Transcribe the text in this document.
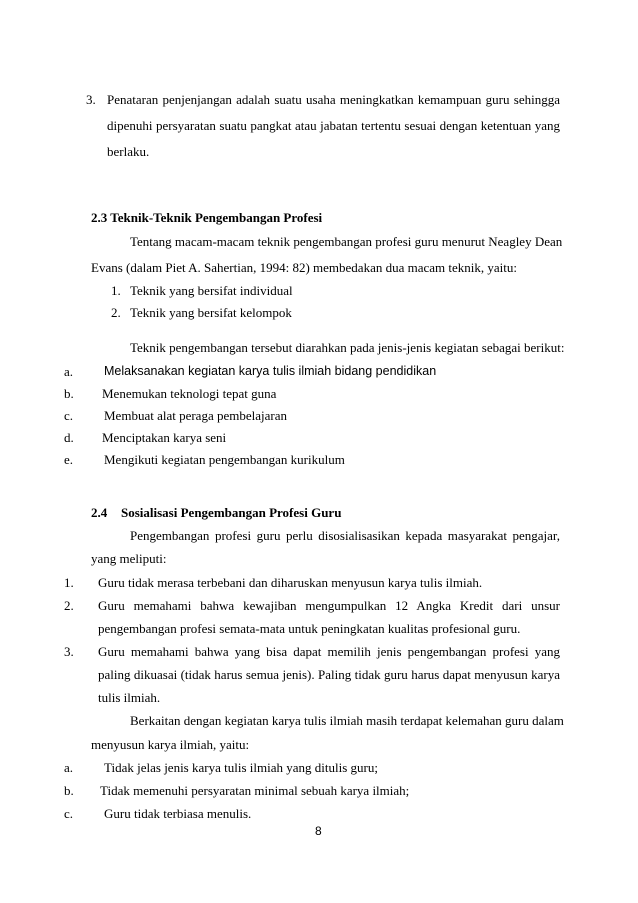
3. Penataran penjenjangan adalah suatu usaha meningkatkan kemampuan guru sehingga
dipenuhi persyaratan suatu pangkat atau jabatan tertentu sesuai dengan ketentuan yang
berlaku.
2.3 Teknik-Teknik Pengembangan Profesi
Tentang macam-macam teknik pengembangan profesi guru menurut Neagley Dean
Evans (dalam Piet A. Sahertian, 1994: 82) membedakan dua macam teknik, yaitu:
1. Teknik yang bersifat individual
2. Teknik yang bersifat kelompok
Teknik pengembangan tersebut diarahkan pada jenis-jenis kegiatan sebagai berikut:
a. Melaksanakan kegiatan karya tulis ilmiah bidang pendidikan
b. Menemukan teknologi tepat guna
c. Membuat alat peraga pembelajaran
d. Menciptakan karya seni
e. Mengikuti kegiatan pengembangan kurikulum
2.4 Sosialisasi Pengembangan Profesi Guru
Pengembangan profesi guru perlu disosialisasikan kepada masyarakat pengajar,
yang meliputi:
1. Guru tidak merasa terbebani dan diharuskan menyusun karya tulis ilmiah.
2. Guru memahami bahwa kewajiban mengumpulkan 12 Angka Kredit dari unsur
pengembangan profesi semata-mata untuk peningkatan kualitas profesional guru.
3. Guru memahami bahwa yang bisa dapat memilih jenis pengembangan profesi yang
paling dikuasai (tidak harus semua jenis). Paling tidak guru harus dapat menyusun karya
tulis ilmiah.
Berkaitan dengan kegiatan karya tulis ilmiah masih terdapat kelemahan guru dalam
menyusun karya ilmiah, yaitu:
a. Tidak jelas jenis karya tulis ilmiah yang ditulis guru;
b. Tidak memenuhi persyaratan minimal sebuah karya ilmiah;
c. Guru tidak terbiasa menulis.
8
